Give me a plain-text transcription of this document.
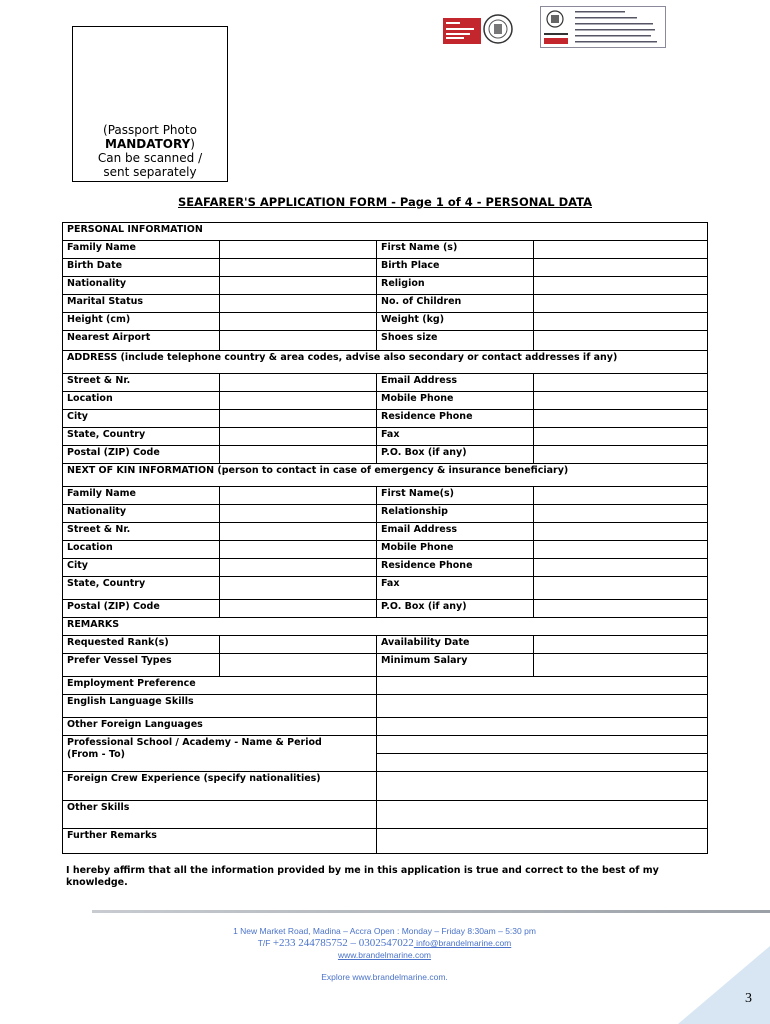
(Passport Photo
MANDATORY)
Can be scanned /
sent separately
SEAFARER'S APPLICATION FORM - Page 1 of 4 - PERSONAL DATA
PERSONAL INFORMATION			
Family Name		First Name (s)	
Birth Date		Birth Place	
Nationality		Religion	
Marital Status		No. of Children	
Height (cm)		Weight (kg)	
Nearest Airport		Shoes size	
ADDRESS (include telephone country & area codes, advise also secondary or contact addresses if any)			
Street & Nr.		Email Address	
Location		Mobile Phone	
City		Residence Phone	
State, Country		Fax	
Postal (ZIP) Code		P.O. Box (if any)	
NEXT OF KIN INFORMATION (person to contact in case of emergency & insurance beneficiary)			
Family Name		First Name(s)	
Nationality		Relationship	
Street & Nr.		Email Address	
Location		Mobile Phone	
City		Residence Phone	
State, Country		Fax	
Postal (ZIP) Code		P.O. Box (if any)	
REMARKS			
Requested Rank(s)		Availability Date	
Prefer Vessel Types		Minimum Salary	
Employment Preference			
English Language Skills			
Other Foreign Languages			

Professional School / Academy - Name & Period
(From - To)			

Foreign Crew Experience (specify nationalities)			
Other Skills			
Further Remarks			
I hereby affirm that all the information provided by me in this application is true and correct to the best of my knowledge.
1 New Market Road, Madina – Accra Open : Monday – Friday 8:30am – 5:30 pm
T/F +233 244785752 – 0302547022 info@brandelmarine.com
www.brandelmarine.com
Explore www.brandelmarine.com.
3
